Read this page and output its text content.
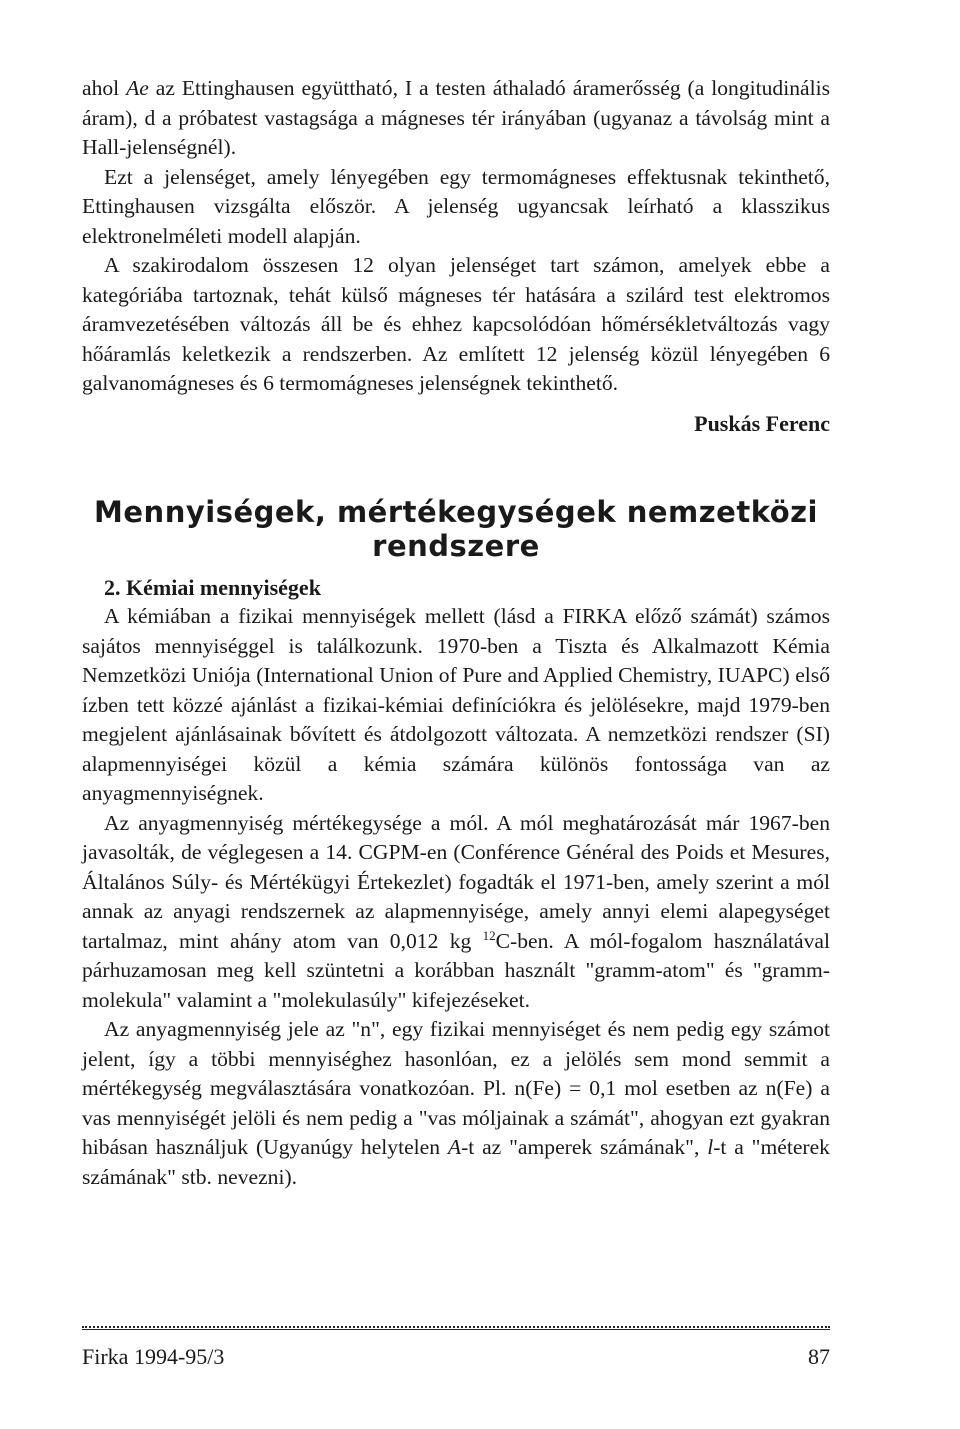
ahol Ae az Ettinghausen együttható, I a testen áthaladó áramerősség (a longitudinális áram), d a próbatest vastagsága a mágneses tér irányában (ugyanaz a távolság mint a Hall-jelenségnél).

Ezt a jelenséget, amely lényegében egy termomágneses effektusnak tekinthető, Ettinghausen vizsgálta először. A jelenség ugyancsak leírható a klasszikus elektronelméleti modell alapján.

A szakirodalom összesen 12 olyan jelenséget tart számon, amelyek ebbe a kategóriába tartoznak, tehát külső mágneses tér hatására a szilárd test elektromos áramvezetésében változás áll be és ehhez kapcsolódóan hőmérsékletváltozás vagy hőáramlás keletkezik a rendszerben. Az említett 12 jelenség közül lényegében 6 galvanomágneses és 6 termomágneses jelenségnek tekinthető.

Puskás Ferenc

Mennyiségek, mértékegységek nemzetközi
rendszere

2. Kémiai mennyiségek

A kémiában a fizikai mennyiségek mellett (lásd a FIRKA előző számát) számos sajátos mennyiséggel is találkozunk. 1970-ben a Tiszta és Alkalmazott Kémia Nemzetközi Uniója (International Union of Pure and Applied Chemistry, IUAPC) első ízben tett közzé ajánlást a fizikai-kémiai definíciókra és jelölésekre, majd 1979-ben megjelent ajánlásainak bővített és átdolgozott változata. A nemzetközi rendszer (SI) alapmennyiségei közül a kémia számára különös fontossága van az anyagmennyiségnek.

Az anyagmennyiség mértékegysége a mól. A mól meghatározását már 1967-ben javasolták, de véglegesen a 14. CGPM-en (Conférence Général des Poids et Mesures, Általános Súly- és Mértékügyi Értekezlet) fogadták el 1971-ben, amely szerint a mól annak az anyagi rendszernek az alapmennyisége, amely annyi elemi alapegységet tartalmaz, mint ahány atom van 0,012 kg $^{12}$C-ben. A mól-fogalom használatával párhuzamosan meg kell szüntetni a korábban használt "gramm-atom" és "gramm-molekula" valamint a "molekulasúly" kifejezéseket.

Az anyagmennyiség jele az "n", egy fizikai mennyiséget és nem pedig egy számot jelent, így a többi mennyiséghez hasonlóan, ez a jelölés sem mond semmit a mértékegység megválasztására vonatkozóan. Pl. n(Fe) = 0,1 mol esetben az n(Fe) a vas mennyiségét jelöli és nem pedig a "vas móljainak a számát", ahogyan ezt gyakran hibásan használjuk (Ugyanúgy helytelen A-t az "amperek számának", l-t a "méterek számának" stb. nevezni).

Firka 1994-95/3	87
